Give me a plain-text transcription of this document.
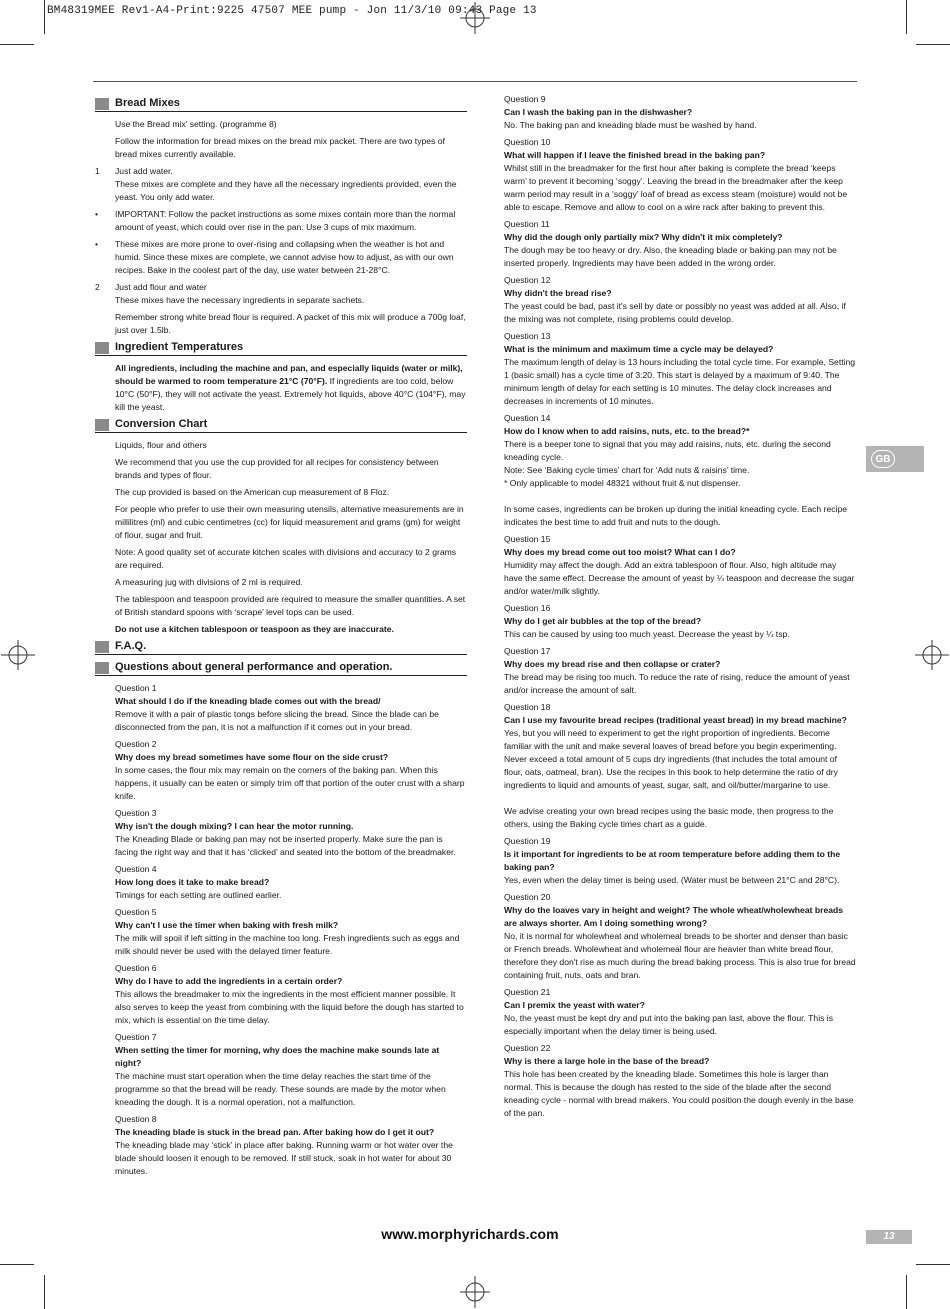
BM48319MEE Rev1-A4-Print:9225 47507 MEE pump - Jon 11/3/10 09:43 Page 13
Bread Mixes

Use the Bread mix' setting. (programme 8)

Follow the information for bread mixes on the bread mix packet. There are two types of bread mixes currently available.

1	Just add water.

These mixes are complete and they have all the necessary ingredients provided, even the yeast. You only add water.

•	IMPORTANT: Follow the packet instructions as some mixes contain more than the normal amount of yeast, which could over rise in the pan. Use 3 cups of mix maximum.

•	These mixes are more prone to over-rising and collapsing when the weather is hot and humid. Since these mixes are complete, we cannot advise how to adjust, as with our own recipes. Bake in the coolest part of the day, use water between 21-28°C.

2	Just add flour and water

These mixes have the necessary ingredients in separate sachets.

Remember strong white bread flour is required. A packet of this mix will produce a 700g loaf, just over 1.5lb.

Ingredient Temperatures

All ingredients, including the machine and pan, and especially liquids (water or milk), should be warmed to room temperature 21°C (70°F). If ingredients are too cold, below 10°C (50°F), they will not activate the yeast. Extremely hot liquids, above 40°C (104°F), may kill the yeast.

Conversion Chart

Liquids, flour and others

We recommend that you use the cup provided for all recipes for consistency between brands and types of flour.

The cup provided is based on the American cup measurement of 8 Floz.

For people who prefer to use their own measuring utensils, alternative measurements are in millilitres (ml) and cubic centimetres (cc) for liquid measurement and grams (gm) for weight of flour, sugar and fruit.

Note: A good quality set of accurate kitchen scales with divisions and accuracy to 2 grams are required.

A measuring jug with divisions of 2 ml is required.

The tablespoon and teaspoon provided are required to measure the smaller quantities. A set of British standard spoons with ‘scrape’ level tops can be used.

Do not use a kitchen tablespoon or teaspoon as they are inaccurate.

F.A.Q.
Questions about general performance and operation.

Question 1

What should I do if the kneading blade comes out with the bread/

Remove it with a pair of plastic tongs before slicing the bread. Since the blade can be disconnected from the pan, it is not a malfunction if it comes out in your bread.

Question 2

Why does my bread sometimes have some flour on the side crust?

In some cases, the flour mix may remain on the corners of the baking pan. When this happens, it usually can be eaten or simply trim off that portion of the outer crust with a sharp knife.

Question 3

Why isn't the dough mixing? I can hear the motor running.

The Kneading Blade or baking pan may not be inserted properly. Make sure the pan is facing the right way and that it has ‘clicked’ and seated into the bottom of the breadmaker.

Question 4

How long does it take to make bread?

Timings for each setting are outlined earlier.

Question 5

Why can't I use the timer when baking with fresh milk?

The milk will spoil if left sitting in the machine too long. Fresh ingredients such as eggs and milk should never be used with the delayed timer feature.

Question 6

Why do I have to add the ingredients in a certain order?

This allows the breadmaker to mix the ingredients in the most efficient manner possible. It also serves to keep the yeast from combining with the liquid before the dough has started to mix, which is essential on the time delay.

Question 7

When setting the timer for morning, why does the machine make sounds late at night?

The machine must start operation when the time delay reaches the start time of the programme so that the bread will be ready. These sounds are made by the motor when kneading the dough. It is a normal operation, not a malfunction.

Question 8

The kneading blade is stuck in the bread pan. After baking how do I get it out?

The kneading blade may ‘stick’ in place after baking. Running warm or hot water over the blade should loosen it enough to be removed. If still stuck, soak in hot water for about 30 minutes.

Question 9

Can I wash the baking pan in the dishwasher?

No. The baking pan and kneading blade must be washed by hand.

Question 10

What will happen if I leave the finished bread in the baking pan?

Whilst still in the breadmaker for the first hour after baking is complete the bread ‘keeps warm’ to prevent it becoming ‘soggy’. Leaving the bread in the breadmaker after the keep warm period may result in a ‘soggy’ loaf of bread as excess steam (moisture) would not be able to escape. Remove and allow to cool on a wire rack after baking to prevent this.

Question 11

Why did the dough only partially mix? Why didn't it mix completely?

The dough may be too heavy or dry. Also, the kneading blade or baking pan may not be inserted properly. Ingredients may have been added in the wrong order.

Question 12

Why didn't the bread rise?

The yeast could be bad, past it's sell by date or possibly no yeast was added at all. Also, if the mixing was not complete, rising problems could develop.

Question 13

What is the minimum and maximum time a cycle may be delayed?

The maximum length of delay is 13 hours including the total cycle time. For example, Setting 1 (basic small) has a cycle time of 3:20. This start is delayed by a maximum of 9:40. The minimum length of delay for each setting is 10 minutes. The delay clock increases and decreases in increments of 10 minutes.

Question 14

How do I know when to add raisins, nuts, etc. to the bread?*

There is a beeper tone to signal that you may add raisins, nuts, etc. during the second kneading cycle.
Note: See ‘Baking cycle times’ chart for ‘Add nuts & raisins’ time.
* Only applicable to model 48321 without fruit & nut dispenser.

In some cases, ingredients can be broken up during the initial kneading cycle. Each recipe indicates the best time to add fruit and nuts to the dough.

Question 15

Why does my bread come out too moist? What can I do?

Humidity may affect the dough. Add an extra tablespoon of flour. Also, high altitude may have the same effect. Decrease the amount of yeast by ¼ teaspoon and decrease the sugar and/or water/milk slightly.

Question 16

Why do I get air bubbles at the top of the bread?

This can be caused by using too much yeast. Decrease the yeast by ¼ tsp.

Question 17

Why does my bread rise and then collapse or crater?

The bread may be rising too much. To reduce the rate of rising, reduce the amount of yeast and/or increase the amount of salt.

Question 18

Can I use my favourite bread recipes (traditional yeast bread) in my bread machine?

Yes, but you will need to experiment to get the right proportion of ingredients. Become familiar with the unit and make several loaves of bread before you begin experimenting. Never exceed a total amount of 5 cups dry ingredients (that includes the total amount of flour, oats, oatmeal, bran). Use the recipes in this book to help determine the ratio of dry ingredients to liquid and amounts of yeast, sugar, salt, and oil/butter/margarine to use.

We advise creating your own bread recipes using the basic mode, then progress to the others, using the Baking cycle times chart as a guide.

Question 19

Is it important for ingredients to be at room temperature before adding them to the baking pan?

Yes, even when the delay timer is being used. (Water must be between 21°C and 28°C).

Question 20

Why do the loaves vary in height and weight? The whole wheat/wholewheat breads are always shorter. Am I doing something wrong?

No, it is normal for wholewheat and wholemeal breads to be shorter and denser than basic or French breads. Wholewheat and wholemeal flour are heavier than white bread flour, therefore they don't rise as much during the bread baking process. This is also true for bread containing fruit, nuts, oats and bran.

Question 21

Can I premix the yeast with water?

No, the yeast must be kept dry and put into the baking pan last, above the flour. This is especially important when the delay timer is being used.

Question 22

Why is there a large hole in the base of the bread?

This hole has been created by the kneading blade. Sometimes this hole is larger than normal. This is because the dough has rested to the side of the blade after the second kneading cycle - normal with bread makers. You could position the dough evenly in the base of the pan.

GB
www.morphyrichards.com	13
